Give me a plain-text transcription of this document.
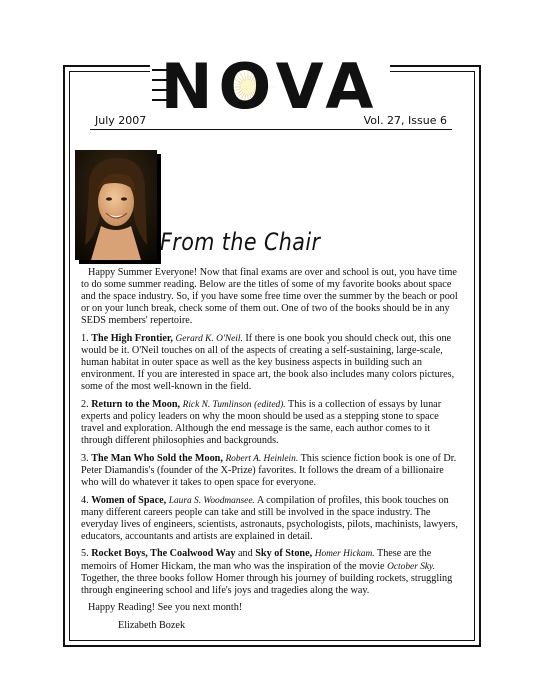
NOVA
July 2007	Vol. 27, Issue 6
From the Chair

Happy Summer Everyone! Now that final exams are over and school is out, you have time to do some summer reading. Below are the titles of some of my favorite books about space and the space industry. So, if you have some free time over the summer by the beach or pool or on your lunch break, check some of them out. One of two of the books should be in any SEDS members' repertoire.

1. The High Frontier, Gerard K. O'Neil. If there is one book you should check out, this one would be it. O'Neil touches on all of the aspects of creating a self-sustaining, large-scale, human habitat in outer space as well as the key business aspects in building such an environment. If you are interested in space art, the book also includes many colors pictures, some of the most well-known in the field.

2. Return to the Moon, Rick N. Tumlinson (edited). This is a collection of essays by lunar experts and policy leaders on why the moon should be used as a stepping stone to space travel and exploration. Although the end message is the same, each author comes to it through different philosophies and backgrounds.

3. The Man Who Sold the Moon, Robert A. Heinlein. This science fiction book is one of Dr. Peter Diamandis's (founder of the X-Prize) favorites. It follows the dream of a billionaire who will do whatever it takes to open space for everyone.

4. Women of Space, Laura S. Woodmansee. A compilation of profiles, this book touches on many different careers people can take and still be involved in the space industry. The everyday lives of engineers, scientists, astronauts, psychologists, pilots, machinists, lawyers, educators, accountants and artists are explained in detail.

5. Rocket Boys, The Coalwood Way and Sky of Stone, Homer Hickam. These are the memoirs of Homer Hickam, the man who was the inspiration of the movie October Sky. Together, the three books follow Homer through his journey of building rockets, struggling through engineering school and life's joys and tragedies along the way.

Happy Reading! See you next month!

Elizabeth Bozek
